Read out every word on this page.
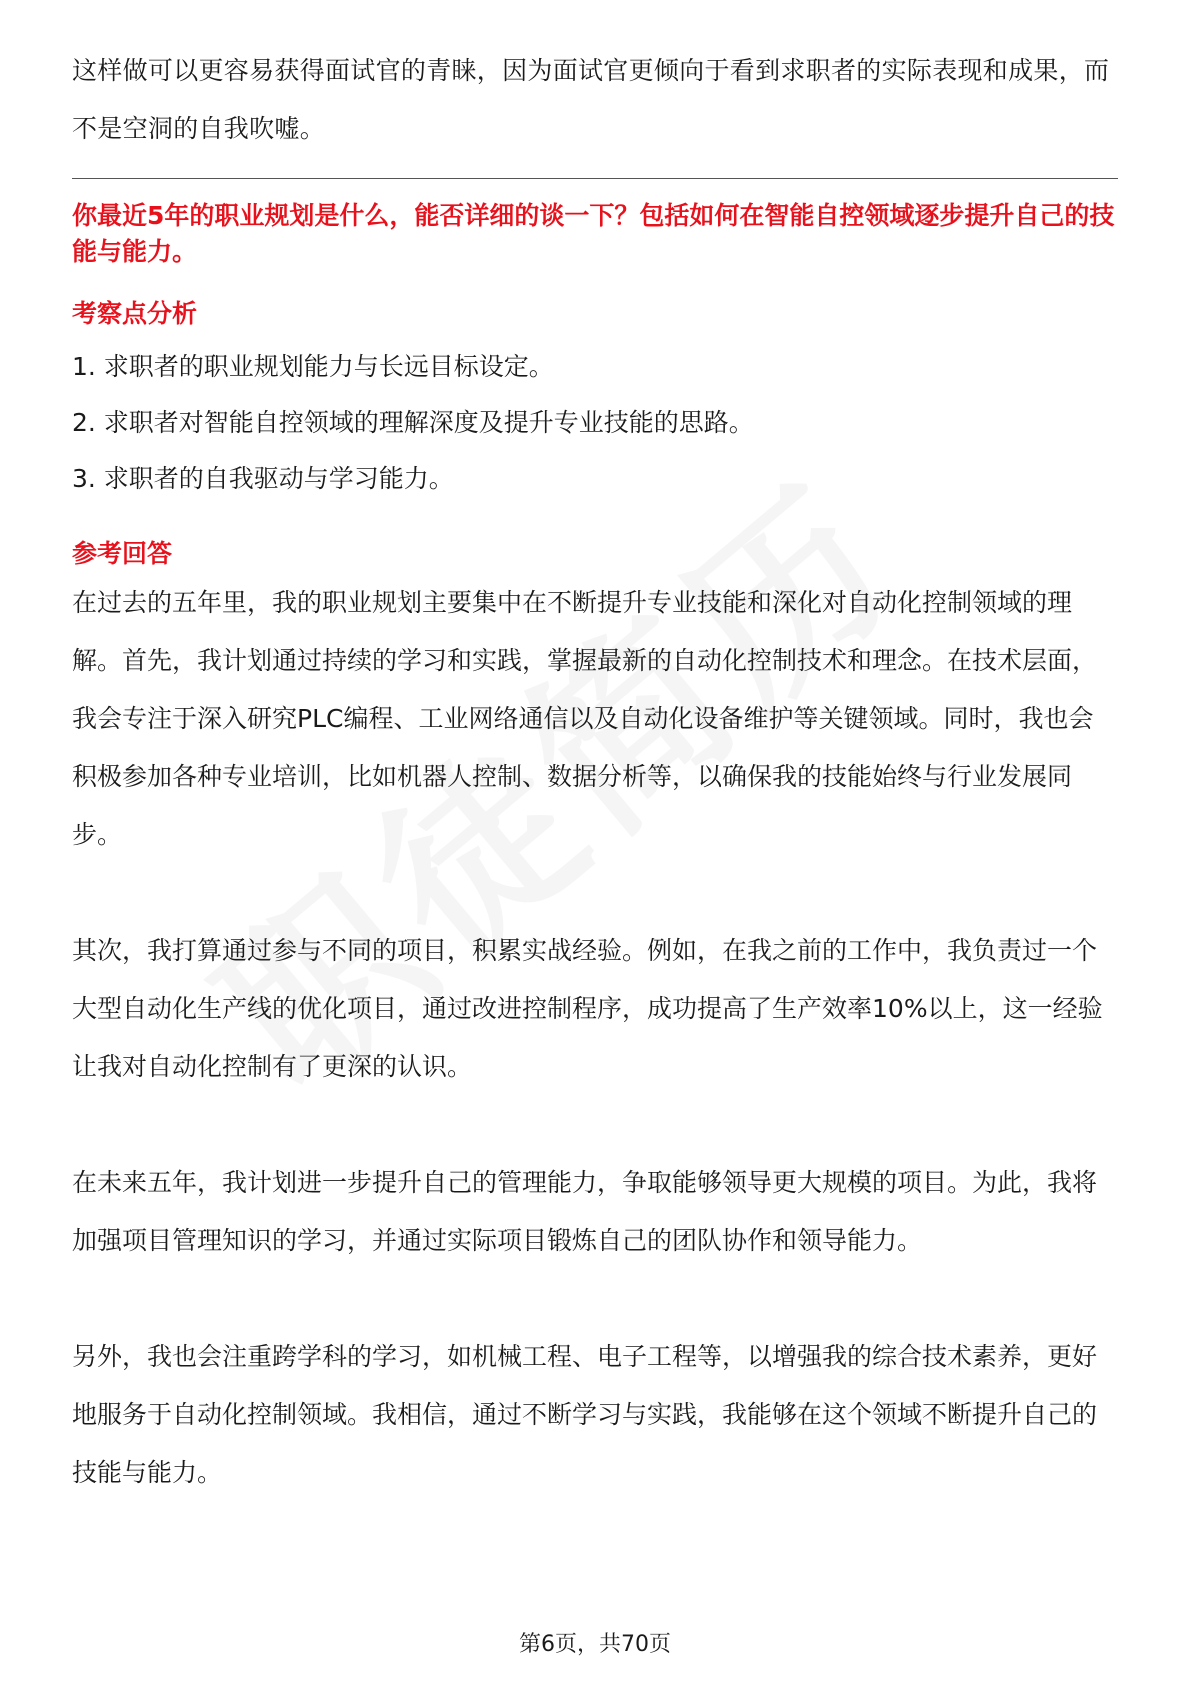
这样做可以更容易获得面试官的青睐，因为面试官更倾向于看到求职者的实际表现和成果，而不是空洞的自我吹嘘。

你最近5年的职业规划是什么，能否详细的谈一下？包括如何在智能自控领域逐步提升自己的技能与能力。

考察点分析

1. 求职者的职业规划能力与长远目标设定。
2. 求职者对智能自控领域的理解深度及提升专业技能的思路。
3. 求职者的自我驱动与学习能力。

参考回答

在过去的五年里，我的职业规划主要集中在不断提升专业技能和深化对自动化控制领域的理解。首先，我计划通过持续的学习和实践，掌握最新的自动化控制技术和理念。在技术层面，我会专注于深入研究PLC编程、工业网络通信以及自动化设备维护等关键领域。同时，我也会积极参加各种专业培训，比如机器人控制、数据分析等，以确保我的技能始终与行业发展同步。

其次，我打算通过参与不同的项目，积累实战经验。例如，在我之前的工作中，我负责过一个大型自动化生产线的优化项目，通过改进控制程序，成功提高了生产效率10%以上，这一经验让我对自动化控制有了更深的认识。

在未来五年，我计划进一步提升自己的管理能力，争取能够领导更大规模的项目。为此，我将加强项目管理知识的学习，并通过实际项目锻炼自己的团队协作和领导能力。

另外，我也会注重跨学科的学习，如机械工程、电子工程等，以增强我的综合技术素养，更好地服务于自动化控制领域。我相信，通过不断学习与实践，我能够在这个领域不断提升自己的技能与能力。

第6页，共70页
